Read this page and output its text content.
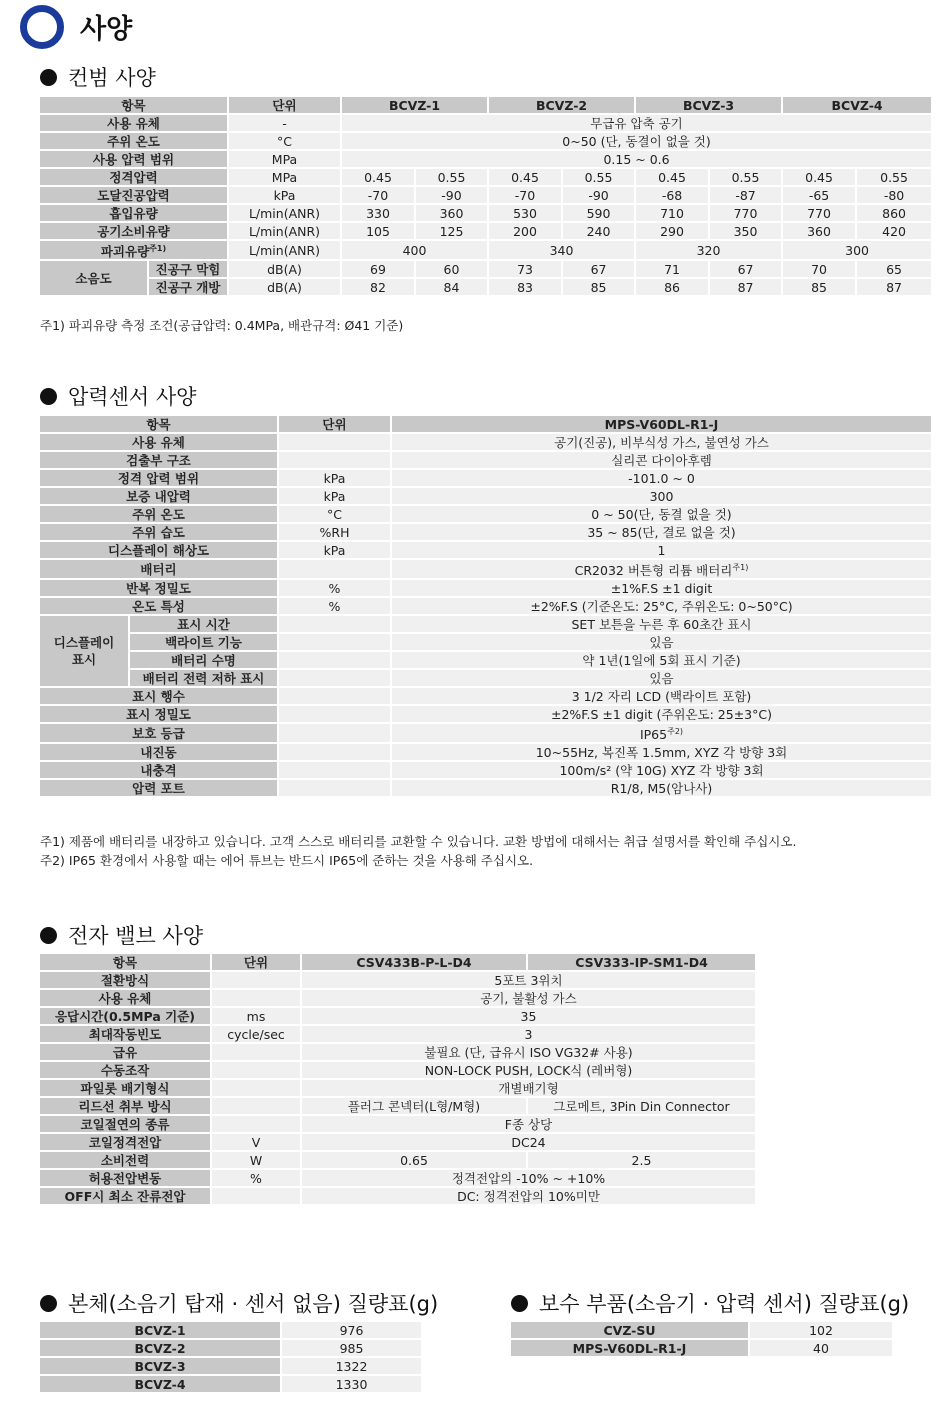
사양
컨범 사양
항목		단위	BCVZ-1		BCVZ-2		BCVZ-3		BCVZ-4	
사용 유체		-	무급유 압축 공기							
주위 온도		°C	0~50 (단, 동결이 없을 것)							
사용 압력 범위		MPa	0.15 ~ 0.6							
정격압력		MPa	0.45	0.55	0.45	0.55	0.45	0.55	0.45	0.55
도달진공압력		kPa	-70	-90	-70	-90	-68	-87	-65	-80
흡입유량		L/min(ANR)	330	360	530	590	710	770	770	860
공기소비유량		L/min(ANR)	105	125	200	240	290	350	360	420
파괴유량$^{주1)}$		L/min(ANR)	400		340		320		300	
소음도	진공구 막힘	dB(A)	69	60	73	67	71	67	70	65
	진공구 개방	dB(A)	82	84	83	85	86	87	85	87
주1) 파괴유량 측정 조건(공급압력: 0.4MPa, 배관규격: Ø41 기준)
압력센서 사양
항목		단위	MPS-V60DL-R1-J
사용 유체			공기(진공), 비부식성 가스, 불연성 가스
검출부 구조			실리콘 다이아후렘
정격 압력 범위		kPa	-101.0 ~ 0
보증 내압력		kPa	300
주위 온도		°C	0 ~ 50(단, 동결 없을 것)
주위 습도		%RH	35 ~ 85(단, 결로 없을 것)
디스플레이 해상도		kPa	1
배터리			CR2032 버튼형 리튬 배터리$^{주1)}$
반복 정밀도		%	±1%F.S ±1 digit
온도 특성		%	±2%F.S (기준온도: 25°C, 주위온도: 0~50°C)

디스플레이
표시	표시 시간		SET 보튼을 누른 후 60초간 표시
	백라이트 기능		있음
	배터리 수명		약 1년(1일에 5회 표시 기준)
	배터리 전력 저하 표시		있음
표시 행수			3 1/2 자리 LCD (백라이트 포함)
표시 정밀도			±2%F.S ±1 digit (주위온도: 25±3°C)
보호 등급			$IP65^{주2)}$
내진동			10~55Hz, 복진폭 1.5mm, XYZ 각 방향 3회
내충격			100m/s² (약 10G) XYZ 각 방향 3회
압력 포트			R1/8, M5(암나사)
주1) 제품에 배터리를 내장하고 있습니다. 고객 스스로 배터리를 교환할 수 있습니다. 교환 방법에 대해서는 취급 설명서를 확인해 주십시오.
주2) IP65 환경에서 사용할 때는 에어 튜브는 반드시 IP65에 준하는 것을 사용해 주십시오.
전자 밸브 사양
항목	단위	CSV433B-P-L-D4	CSV333-IP-SM1-D4
절환방식		5포트 3위치	
사용 유체		공기, 불활성 가스	
응답시간(0.5MPa 기준)	ms	35	
최대작동빈도	cycle/sec	3	
급유		불필요 (단, 급유시 ISO VG32# 사용)	
수동조작		NON-LOCK PUSH, LOCK식 (레버형)	
파일롯 배기형식		개별배기형	
리드선 취부 방식		플러그 콘넥터(L형/M형)	그로메트, 3Pin Din Connector
코일절연의 종류		F종 상당	
코일정격전압	V	DC24	
소비전력	W	0.65	2.5
허용전압변동	%	정격전압의 -10% ~ +10%	
OFF시 최소 잔류전압		DC: 정격전압의 10%미만	
본체(소음기 탑재 · 센서 없음) 질량표(g)
BCVZ-1	976
BCVZ-2	985
BCVZ-3	1322
BCVZ-4	1330
보수 부품(소음기 · 압력 센서) 질량표(g)
CVZ-SU	102
MPS-V60DL-R1-J	40
